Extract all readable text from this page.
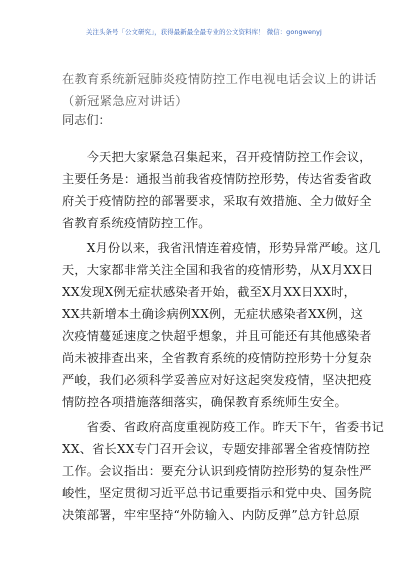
关注头条号「公文研究」，获得最新最全最专业的公文资料库！ 微信：gongwenyj
在教育系统新冠肺炎疫情防控工作电视电话会议上的讲话
（新冠紧急应对讲话）
同志们：
　　今天把大家紧急召集起来，召开疫情防控工作会议，
主要任务是：通报当前我省疫情防控形势，传达省委省政
府关于疫情防控的部署要求，采取有效措施、全力做好全
省教育系统疫情防控工作。
　　X月份以来，我省汛情连着疫情，形势异常严峻。这几
天，大家都非常关注全国和我省的疫情形势，从X月XX日
XX发现X例无症状感染者开始，截至X月XX日XX时，
XX共新增本土确诊病例XX例，无症状感染者XX例，这
次疫情蔓延速度之快超乎想象，并且可能还有其他感染者
尚未被排查出来，全省教育系统的疫情防控形势十分复杂
严峻，我们必须科学妥善应对好这起突发疫情，坚决把疫
情防控各项措施落细落实，确保教育系统师生安全。
　　省委、省政府高度重视防疫工作。昨天下午，省委书记
XX、省长XX专门召开会议，专题安排部署全省疫情防控
工作。会议指出：要充分认识到疫情防控形势的复杂性严
峻性，坚定贯彻习近平总书记重要指示和党中央、国务院
决策部署，牢牢坚持“外防输入、内防反弹”总方针总原
